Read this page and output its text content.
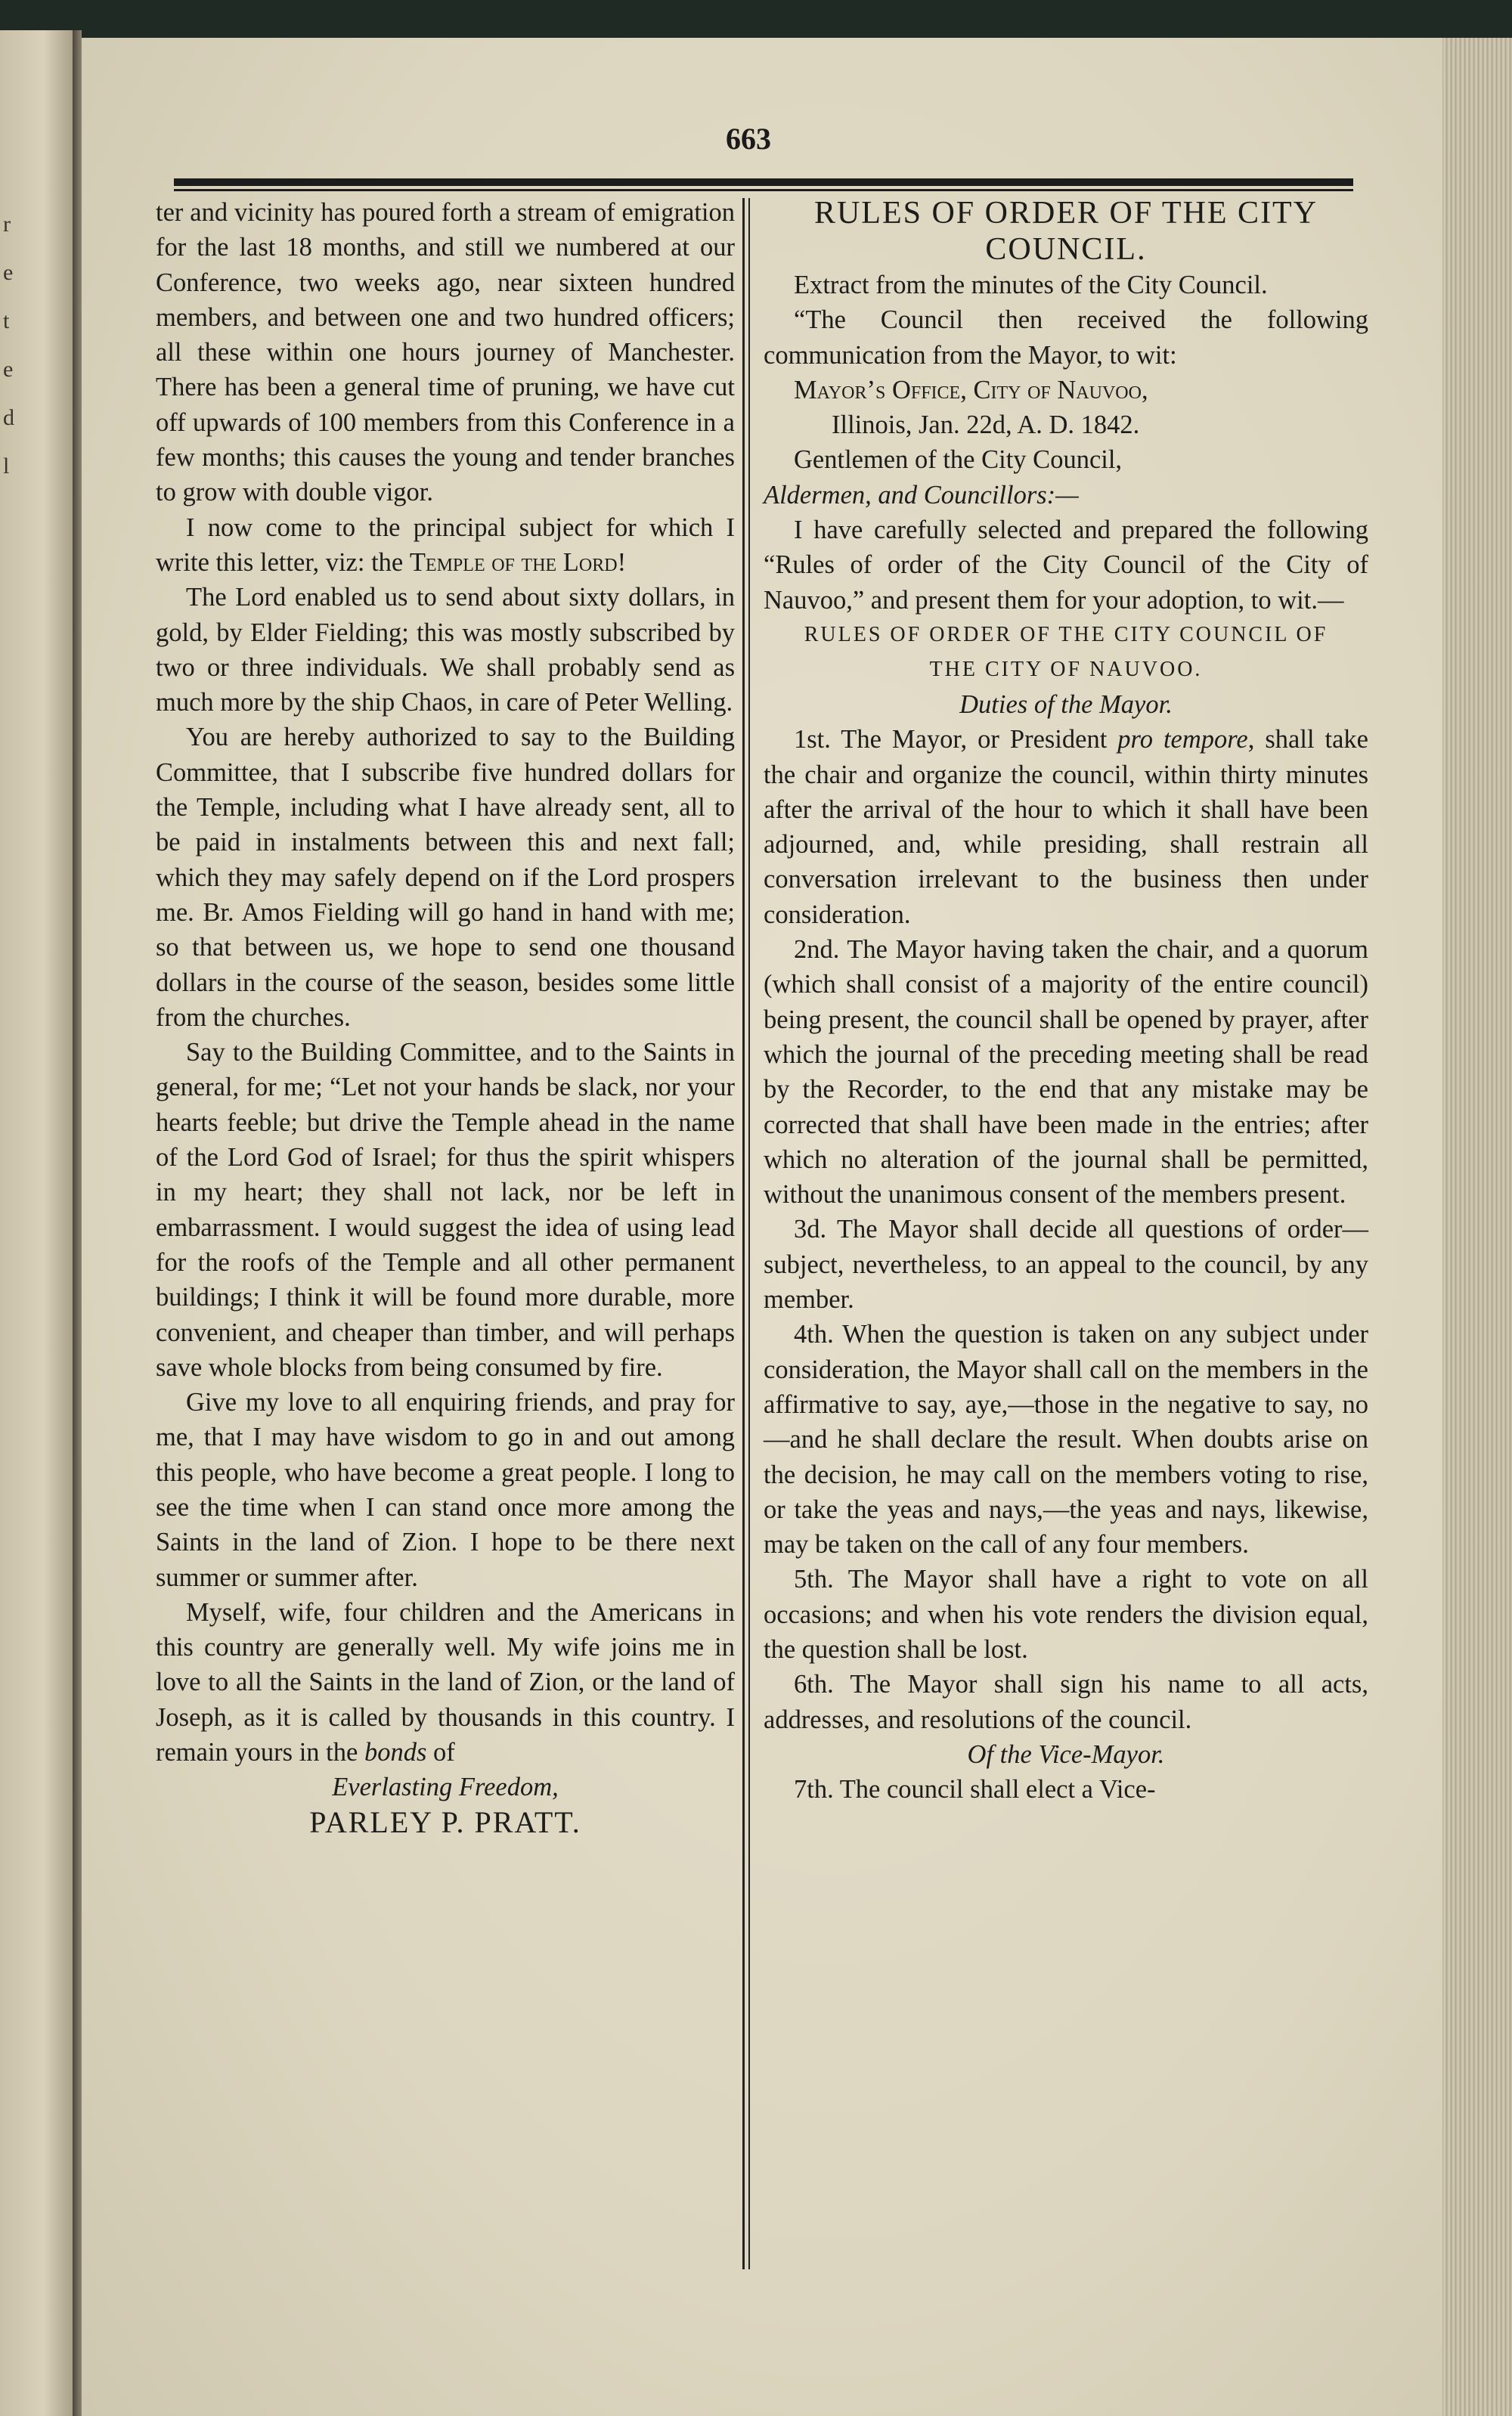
r
e
t
e
d
l
663

ter and vicinity has poured forth a stream of emigration for the last 18 months, and still we numbered at our Conference, two weeks ago, near sixteen hundred members, and between one and two hundred officers; all these within one hours journey of Manchester. There has been a general time of pruning, we have cut off upwards of 100 members from this Conference in a few months; this causes the young and tender branches to grow with double vigor.

I now come to the principal subject for which I write this letter, viz: the Temple of the Lord!

The Lord enabled us to send about sixty dollars, in gold, by Elder Fielding; this was mostly subscribed by two or three individuals. We shall probably send as much more by the ship Chaos, in care of Peter Welling.

You are hereby authorized to say to the Building Committee, that I subscribe five hundred dollars for the Temple, including what I have already sent, all to be paid in instalments between this and next fall; which they may safely depend on if the Lord prospers me. Br. Amos Fielding will go hand in hand with me; so that between us, we hope to send one thousand dollars in the course of the season, besides some little from the churches.

Say to the Building Committee, and to the Saints in general, for me; “Let not your hands be slack, nor your hearts feeble; but drive the Temple ahead in the name of the Lord God of Israel; for thus the spirit whispers in my heart; they shall not lack, nor be left in embarrassment. I would suggest the idea of using lead for the roofs of the Temple and all other permanent buildings; I think it will be found more durable, more convenient, and cheaper than timber, and will perhaps save whole blocks from being consumed by fire.

Give my love to all enquiring friends, and pray for me, that I may have wisdom to go in and out among this people, who have become a great people. I long to see the time when I can stand once more among the Saints in the land of Zion. I hope to be there next summer or summer after.

Myself, wife, four children and the Americans in this country are generally well. My wife joins me in love to all the Saints in the land of Zion, or the land of Joseph, as it is called by thousands in this country. I remain yours in the bonds of

Everlasting Freedom,

PARLEY P. PRATT.

RULES OF ORDER OF THE CITY COUNCIL.

Extract from the minutes of the City Council.

“The Council then received the following communication from the Mayor, to wit:

Mayor’s Office, City of Nauvoo,

Illinois, Jan. 22d, A. D. 1842.

Gentlemen of the City Council,

Aldermen, and Councillors:—

I have carefully selected and prepared the following “Rules of order of the City Council of the City of Nauvoo,” and present them for your adoption, to wit.—

RULES OF ORDER OF THE CITY COUNCIL OF

THE CITY OF NAUVOO.

Duties of the Mayor.

1st. The Mayor, or President pro tempore, shall take the chair and organize the council, within thirty minutes after the arrival of the hour to which it shall have been adjourned, and, while presiding, shall restrain all conversation irrelevant to the business then under consideration.

2nd. The Mayor having taken the chair, and a quorum (which shall consist of a majority of the entire council) being present, the council shall be opened by prayer, after which the journal of the preceding meeting shall be read by the Recorder, to the end that any mistake may be corrected that shall have been made in the entries; after which no alteration of the journal shall be permitted, without the unanimous consent of the members present.

3d. The Mayor shall decide all questions of order—subject, nevertheless, to an appeal to the council, by any member.

4th. When the question is taken on any subject under consideration, the Mayor shall call on the members in the affirmative to say, aye,—those in the negative to say, no—and he shall declare the result. When doubts arise on the decision, he may call on the members voting to rise, or take the yeas and nays,—the yeas and nays, likewise, may be taken on the call of any four members.

5th. The Mayor shall have a right to vote on all occasions; and when his vote renders the division equal, the question shall be lost.

6th. The Mayor shall sign his name to all acts, addresses, and resolutions of the council.

Of the Vice-Mayor.

7th. The council shall elect a Vice-
